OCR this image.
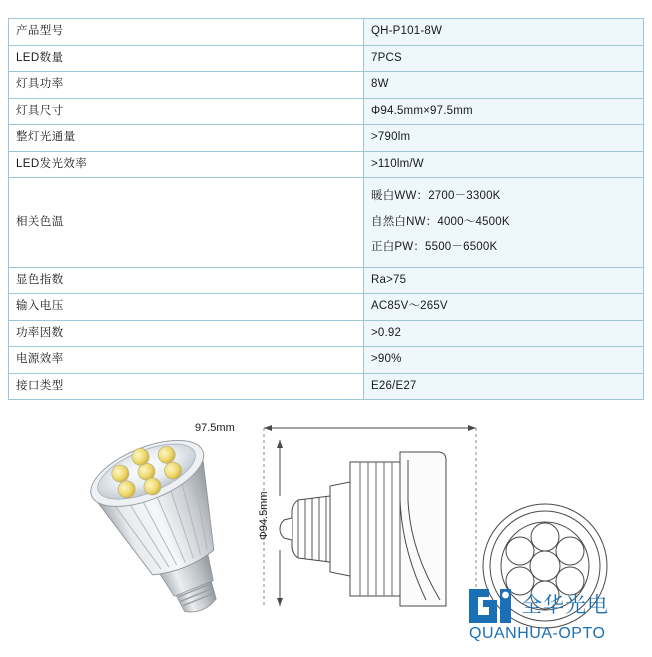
产品型号	QH-P101-8W
LED数量	7PCS
灯具功率	8W
灯具尺寸	Φ94.5mm×97.5mm
整灯光通量	>790lm
LED发光效率	>110lm/W
相关色温	暖白WW：2700－3300K
自然白NW：4000～4500K
正白PW：5500－6500K

显色指数	Ra>75
输入电压	AC85V～265V
功率因数	>0.92
电源效率	>90%
接口类型	E26/E27
97.5mm
Φ94.5mm
全华光电
QUANHUA-OPTO
